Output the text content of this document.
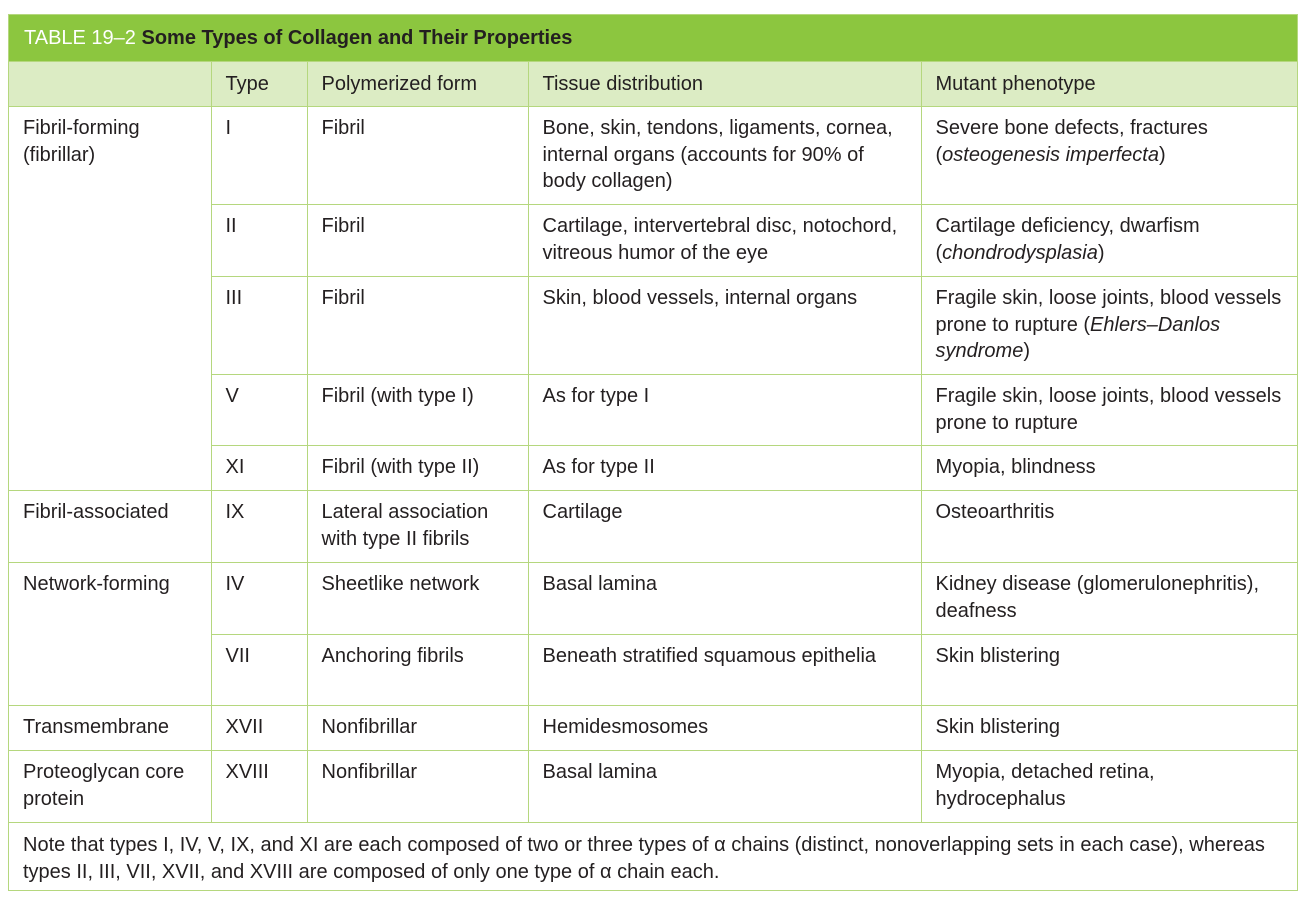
TABLE 19–2 Some Types of Collagen and Their Properties
	Type	Polymerized form	Tissue distribution	Mutant phenotype
Fibril-forming (fibrillar)	I	Fibril	Bone, skin, tendons, ligaments, cornea, internal organs (accounts for 90% of body collagen)	Severe bone defects, fractures (osteogenesis imperfecta)
	II	Fibril	Cartilage, intervertebral disc, notochord, vitreous humor of the eye	Cartilage deficiency, dwarfism (chondrodysplasia)
	III	Fibril	Skin, blood vessels, internal organs	Fragile skin, loose joints, blood vessels prone to rupture (Ehlers–Danlos syndrome)
	V	Fibril (with type I)	As for type I	Fragile skin, loose joints, blood vessels prone to rupture
	XI	Fibril (with type II)	As for type II	Myopia, blindness
Fibril-associated	IX	Lateral association with type II fibrils	Cartilage	Osteoarthritis
Network-forming	IV	Sheetlike network	Basal lamina	Kidney disease (glomerulonephritis), deafness
	VII	Anchoring fibrils	Beneath stratified squamous epithelia	Skin blistering
Transmembrane	XVII	Nonfibrillar	Hemidesmosomes	Skin blistering
Proteoglycan core protein	XVIII	Nonfibrillar	Basal lamina	Myopia, detached retina, hydrocephalus
Note that types I, IV, V, IX, and XI are each composed of two or three types of α chains (distinct, nonoverlapping sets in each case), whereas types II, III, VII, XVII, and XVIII are composed of only one type of α chain each.
